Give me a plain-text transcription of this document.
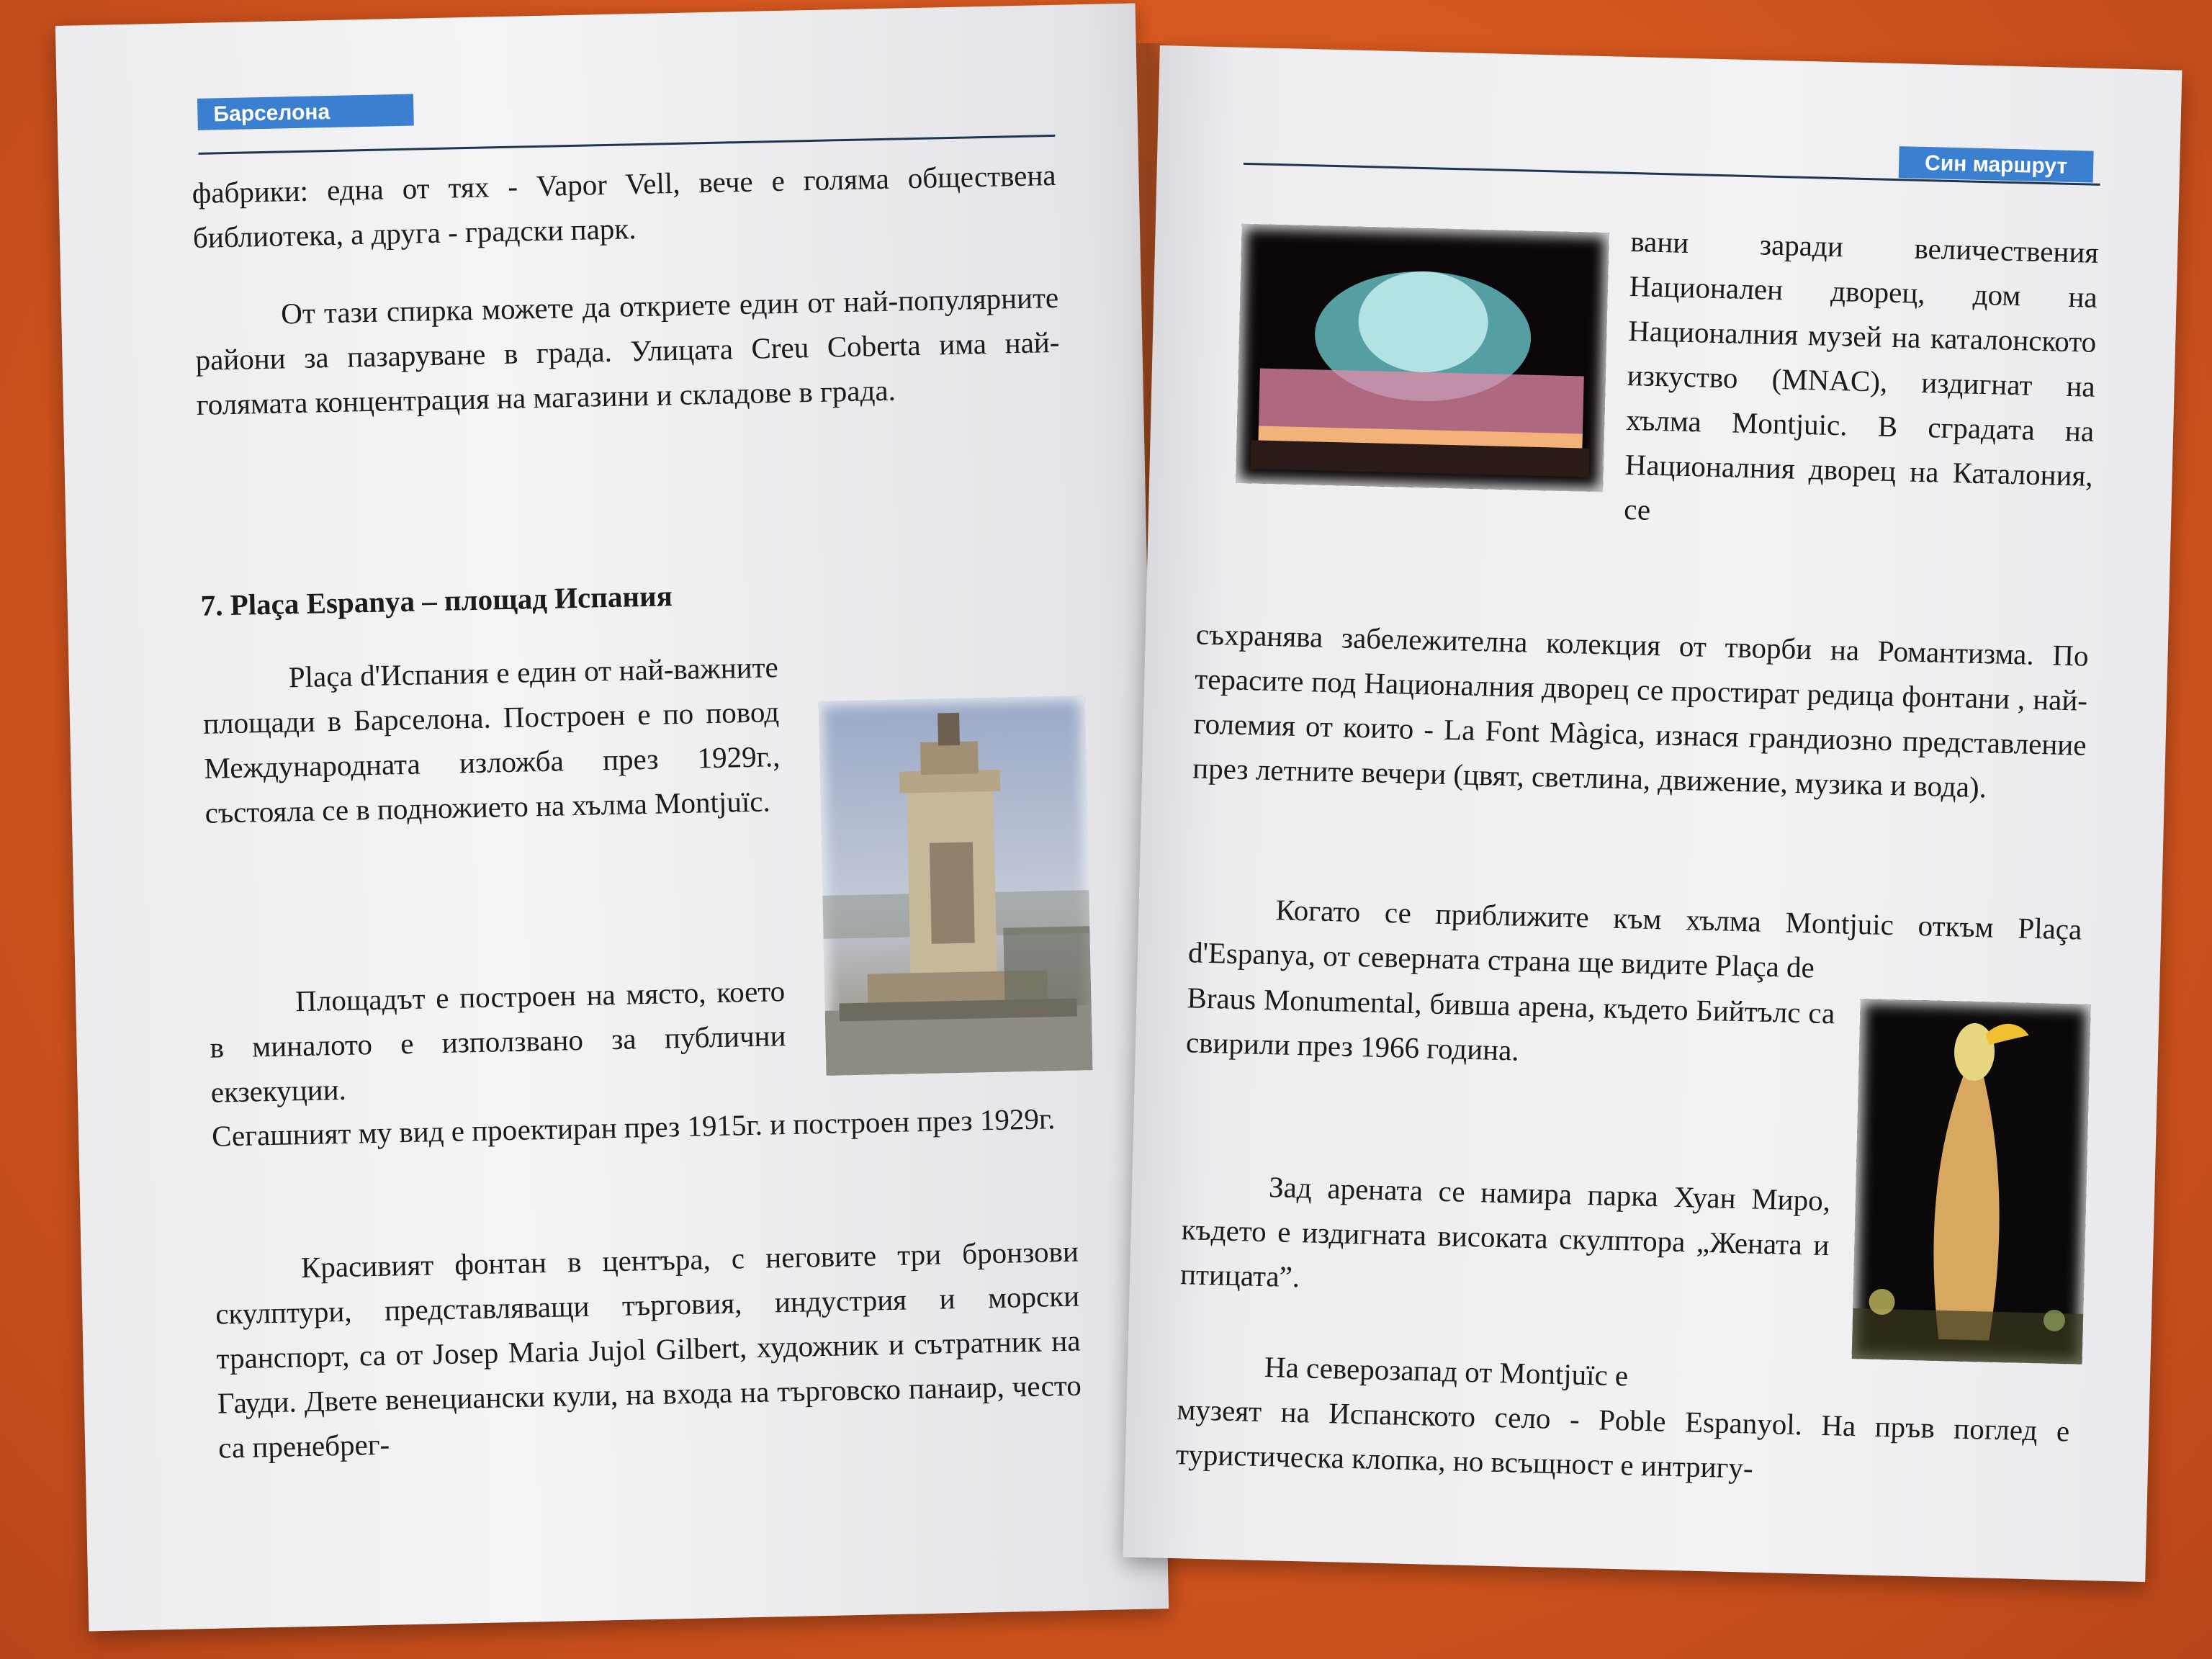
Барселона

фабрики: една от тях - Vapor Vell, вече е голяма обществена библиотека, а друга - градски парк.

От тази спирка можете да откриете един от най-популярните райони за пазаруване в града. Улицата Creu Coberta има най-голямата концентрация на магазини и складове в града.

7. Plaça Espanya – площад Испания

Plaça d'Испания е един от най-важните площади в Барселона. Построен е по повод Международната изложба през 1929г., състояла се в подножието на хълма Montjuïc.

Площадът е построен на място, което в миналото е използвано за публични екзекуции.

Сегашният му вид е проектиран през 1915г. и построен през 1929г.

Красивият фонтан в центъра, с неговите три бронзови скулптури, представляващи търговия, индустрия и морски транспорт, са от Josep Maria Jujol Gilbert, художник и сътратник на Гауди. Двете венециански кули, на входа на търговско панаир, често са пренебрег-

Син маршрут

вани заради величествения Национален дворец, дом на Националния музей на каталонското изкуство (MNAC), издигнат на хълма Montjuic. В сградата на Националния дворец на Каталония, се

съхранява забележителна колекция от творби на Романтизма. По терасите под Националния дворец се простират редица фонтани , най-големия от които - La Font Màgica, изнася грандиозно представление през летните вечери (цвят, светлина, движение, музика и вода).

Когато се приближите към хълма Montjuic откъм Plaça d'Espanya, от северната страна ще видите Plaça de

Braus Monumental, бивша арена, където Бийтълс са свирили през 1966 година.

Зад арената се намира парка Хуан Миро, където е издигната високата скулптора „Жената и птицата”.

На северозапад от Montjuïc е

музеят на Испанското село - Poble Espanyol. На пръв поглед е туристическа клопка, но всъщност е интригу-
